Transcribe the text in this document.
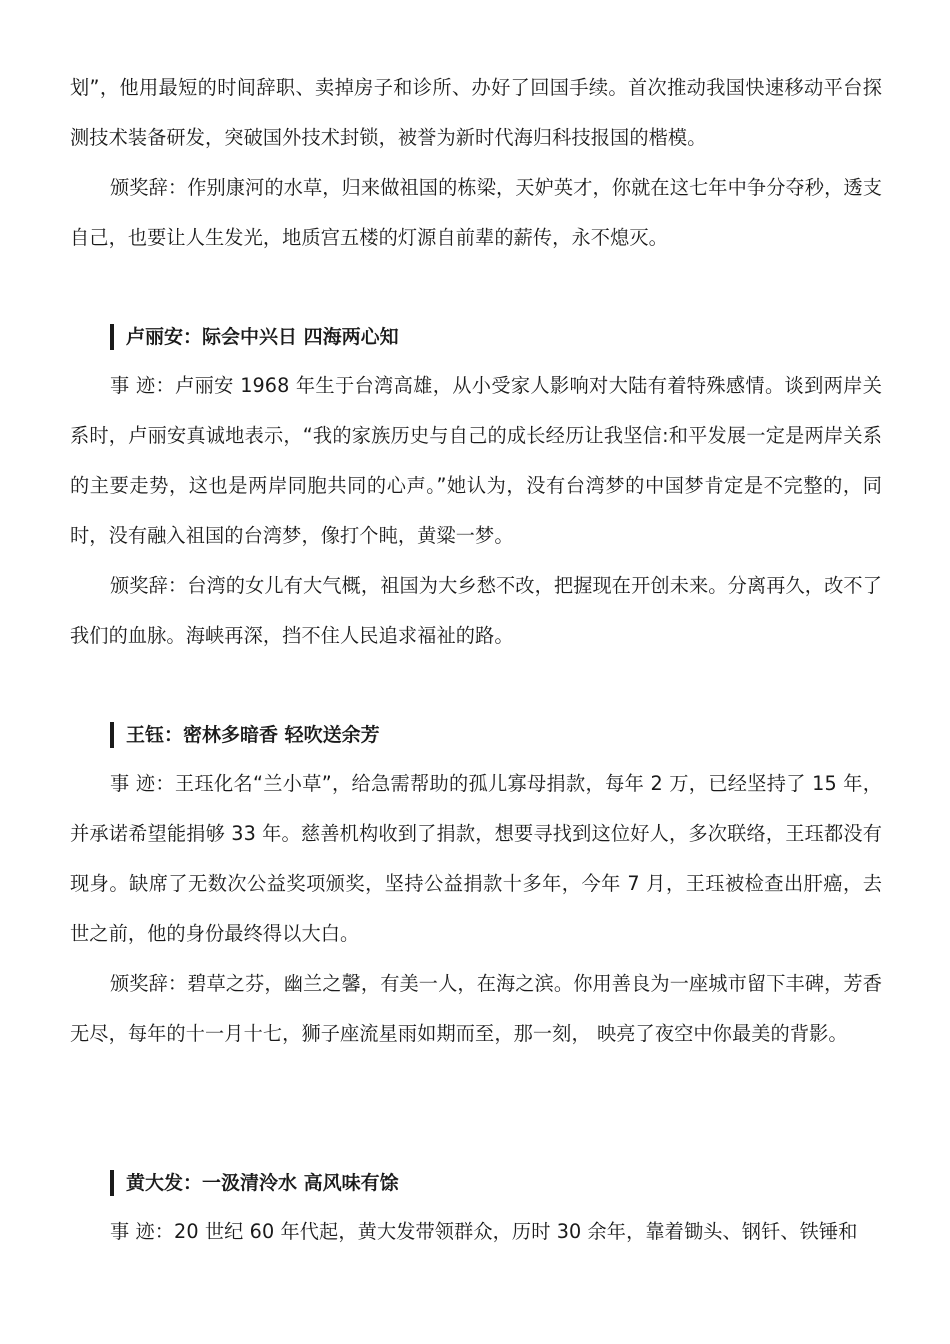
划”，他用最短的时间辞职、卖掉房子和诊所、办好了回国手续。首次推动我国快速移动平台探测技术装备研发，突破国外技术封锁，被誉为新时代海归科技报国的楷模。

颁奖辞：作别康河的水草，归来做祖国的栋梁，天妒英才，你就在这七年中争分夺秒，透支自己，也要让人生发光，地质宫五楼的灯源自前辈的薪传，永不熄灭。

卢丽安：际会中兴日 四海两心知

事 迹：卢丽安 1968 年生于台湾高雄，从小受家人影响对大陆有着特殊感情。谈到两岸关系时，卢丽安真诚地表示，“我的家族历史与自己的成长经历让我坚信:和平发展一定是两岸关系的主要走势，这也是两岸同胞共同的心声。”她认为，没有台湾梦的中国梦肯定是不完整的，同时，没有融入祖国的台湾梦，像打个盹，黄粱一梦。

颁奖辞：台湾的女儿有大气概，祖国为大乡愁不改，把握现在开创未来。分离再久，改不了我们的血脉。海峡再深，挡不住人民追求福祉的路。

王钰：密林多暗香 轻吹送余芳

事 迹：王珏化名“兰小草”，给急需帮助的孤儿寡母捐款，每年 2 万，已经坚持了 15 年，并承诺希望能捐够 33 年。慈善机构收到了捐款，想要寻找到这位好人，多次联络，王珏都没有现身。缺席了无数次公益奖项颁奖，坚持公益捐款十多年，今年 7 月，王珏被检查出肝癌，去世之前，他的身份最终得以大白。

颁奖辞：碧草之芬，幽兰之馨，有美一人，在海之滨。你用善良为一座城市留下丰碑，芳香无尽，每年的十一月十七，狮子座流星雨如期而至，那一刻， 映亮了夜空中你最美的背影。

黄大发：一汲清泠水 高风味有馀

事 迹：20 世纪 60 年代起，黄大发带领群众，历时 30 余年，靠着锄头、钢钎、铁锤和
